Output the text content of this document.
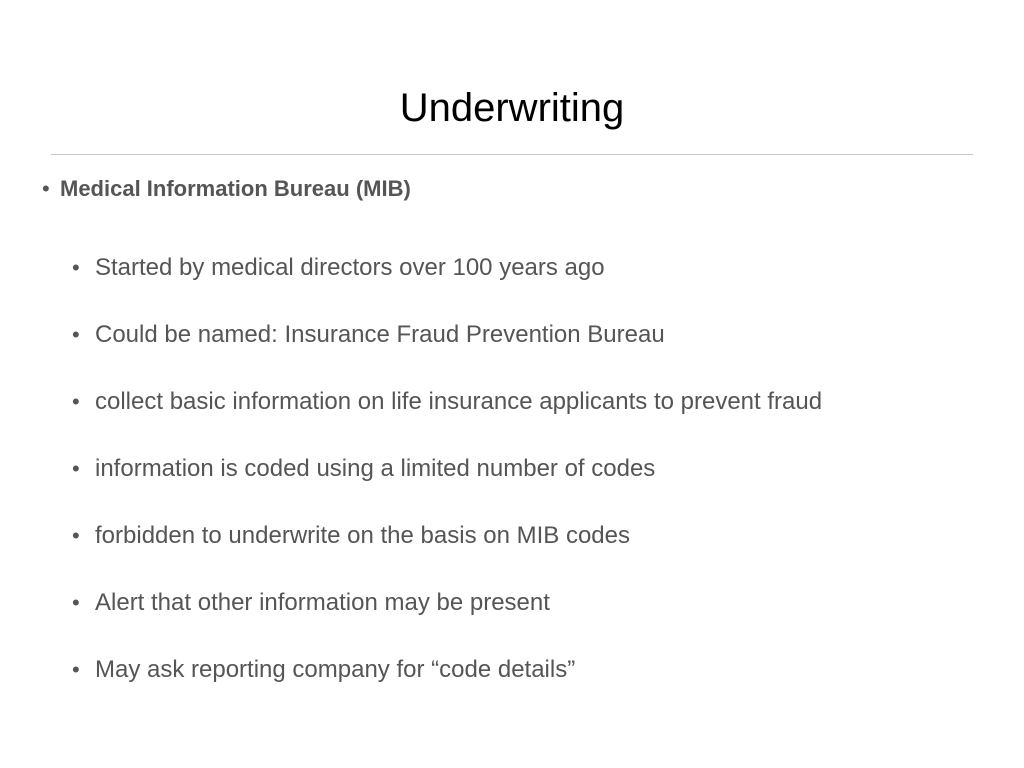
Underwriting
• Medical Information Bureau (MIB)
• Started by medical directors over 100 years ago
• Could be named: Insurance Fraud Prevention Bureau
• collect basic information on life insurance applicants to prevent fraud
• information is coded using a limited number of codes
• forbidden to underwrite on the basis on MIB codes
• Alert that other information may be present
• May ask reporting company for “code details”
